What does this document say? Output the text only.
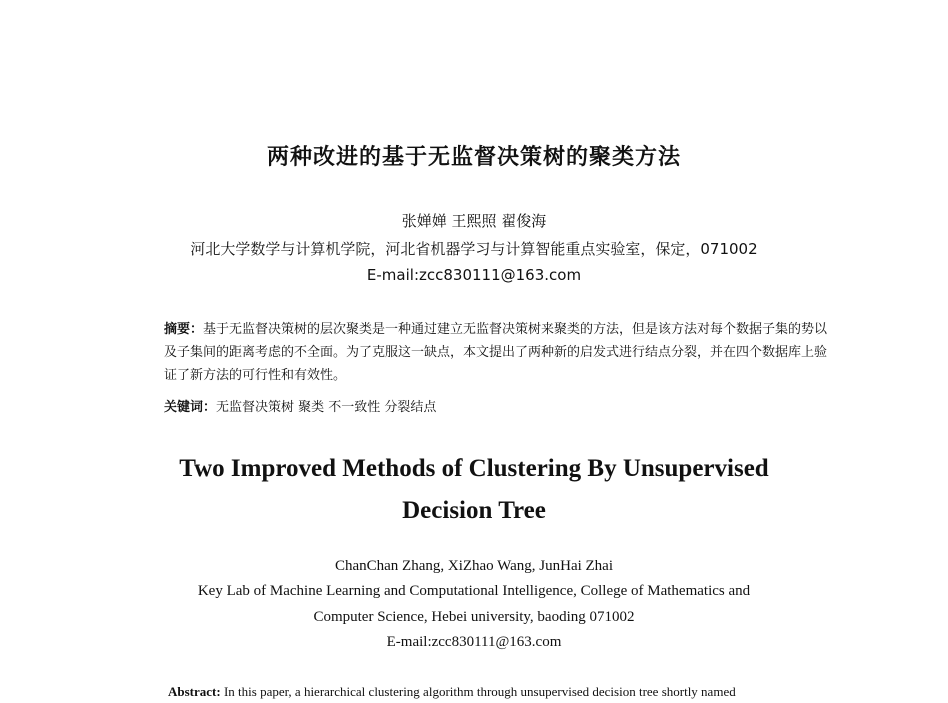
两种改进的基于无监督决策树的聚类方法
张婵婵 王熙照 翟俊海
河北大学数学与计算机学院，河北省机器学习与计算智能重点实验室，保定，071002
E-mail:zcc830111@163.com
摘要：基于无监督决策树的层次聚类是一种通过建立无监督决策树来聚类的方法，但是该方法对每个数据子集的势以及子集间的距离考虑的不全面。为了克服这一缺点，本文提出了两种新的启发式进行结点分裂，并在四个数据库上验证了新方法的可行性和有效性。
关键词：无监督决策树 聚类 不一致性 分裂结点
Two Improved Methods of Clustering By Unsupervised
Decision Tree
ChanChan Zhang, XiZhao Wang, JunHai Zhai
Key Lab of Machine Learning and Computational Intelligence, College of Mathematics and
Computer Science, Hebei university, baoding 071002
E-mail:zcc830111@163.com
Abstract: In this paper, a hierarchical clustering algorithm through unsupervised decision tree shortly named
